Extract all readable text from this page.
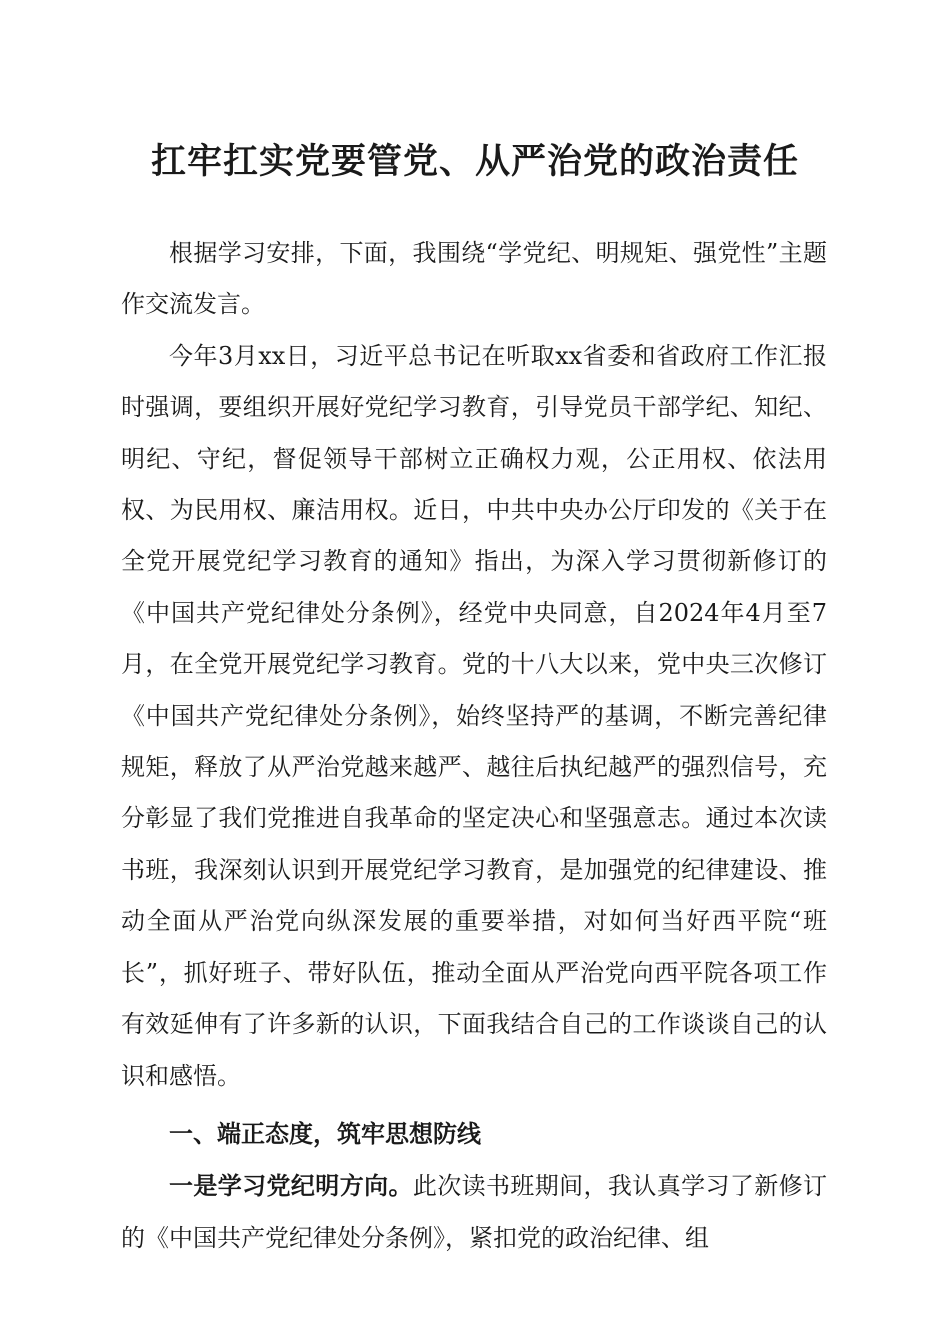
扛牢扛实党要管党、从严治党的政治责任

根据学习安排，下面，我围绕“学党纪、明规矩、强党性”主题作交流发言。

今年3月xx日，习近平总书记在听取xx省委和省政府工作汇报时强调，要组织开展好党纪学习教育，引导党员干部学纪、知纪、明纪、守纪，督促领导干部树立正确权力观，公正用权、依法用权、为民用权、廉洁用权。近日，中共中央办公厅印发的《关于在全党开展党纪学习教育的通知》指出，为深入学习贯彻新修订的《中国共产党纪律处分条例》，经党中央同意，自2024年4月至7月，在全党开展党纪学习教育。党的十八大以来，党中央三次修订《中国共产党纪律处分条例》，始终坚持严的基调，不断完善纪律规矩，释放了从严治党越来越严、越往后执纪越严的强烈信号，充分彰显了我们党推进自我革命的坚定决心和坚强意志。通过本次读书班，我深刻认识到开展党纪学习教育，是加强党的纪律建设、推动全面从严治党向纵深发展的重要举措，对如何当好西平院“班长”，抓好班子、带好队伍，推动全面从严治党向西平院各项工作有效延伸有了许多新的认识，下面我结合自己的工作谈谈自己的认识和感悟。

一、端正态度，筑牢思想防线

一是学习党纪明方向。此次读书班期间，我认真学习了新修订的《中国共产党纪律处分条例》，紧扣党的政治纪律、组
